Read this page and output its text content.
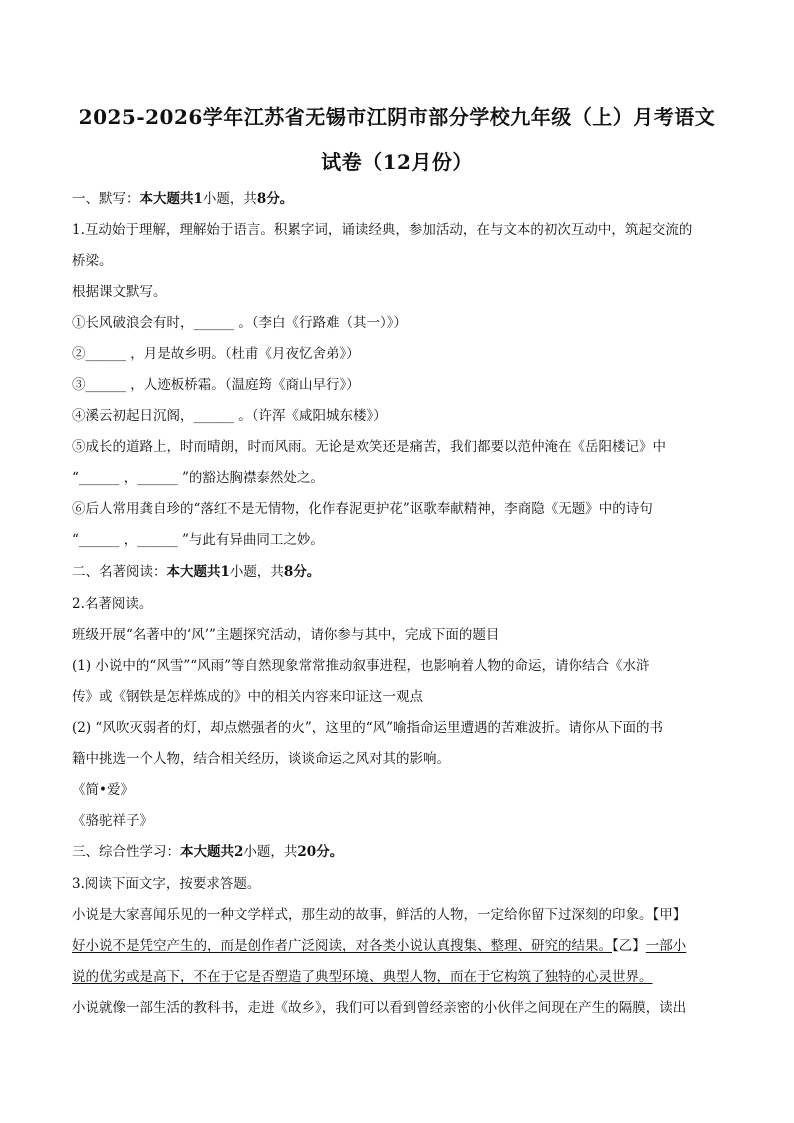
2025-2026学年江苏省无锡市江阴市部分学校九年级（上）月考语文
试卷（12月份）
一、默写：本大题共1小题，共8分。
1.互动始于理解，理解始于语言。积累字词，诵读经典，参加活动，在与文本的初次互动中，筑起交流的
桥梁。
根据课文默写。
①长风破浪会有时，______ 。（李白《行路难（其一）》）
②______ ，月是故乡明。（杜甫《月夜忆舍弟》）
③______ ，人迹板桥霜。（温庭筠《商山早行》）
④溪云初起日沉阁，______ 。（许浑《咸阳城东楼》）
⑤成长的道路上，时而晴朗，时而风雨。无论是欢笑还是痛苦，我们都要以范仲淹在《岳阳楼记》中
“______ ，______ ”的豁达胸襟泰然处之。
⑥后人常用龚自珍的“落红不是无情物，化作春泥更护花”讴歌奉献精神，李商隐《无题》中的诗句
“______ ，______ ”与此有异曲同工之妙。
二、名著阅读：本大题共1小题，共8分。
2.名著阅读。
班级开展“名著中的‘风’”主题探究活动，请你参与其中，完成下面的题目
(1) 小说中的“风雪”“风雨”等自然现象常常推动叙事进程，也影响着人物的命运，请你结合《水浒
传》或《钢铁是怎样炼成的》中的相关内容来印证这一观点
(2) “风吹灭弱者的灯，却点燃强者的火”，这里的“风”喻指命运里遭遇的苦难波折。请你从下面的书
籍中挑选一个人物，结合相关经历，谈谈命运之风对其的影响。
《简•爱》
《骆驼祥子》
三、综合性学习：本大题共2小题，共20分。
3.阅读下面文字，按要求答题。
小说是大家喜闻乐见的一种文学样式，那生动的故事，鲜活的人物，一定给你留下过深刻的印象。【甲】
好小说不是凭空产生的，而是创作者广泛阅读，对各类小说认真搜集、整理、研究的结果。【乙】一部小
说的优劣或是高下，不在于它是否塑造了典型环境、典型人物，而在于它构筑了独特的心灵世界。
小说就像一部生活的教科书，走进《故乡》，我们可以看到曾经亲密的小伙伴之间现在产生的隔膜，读出
